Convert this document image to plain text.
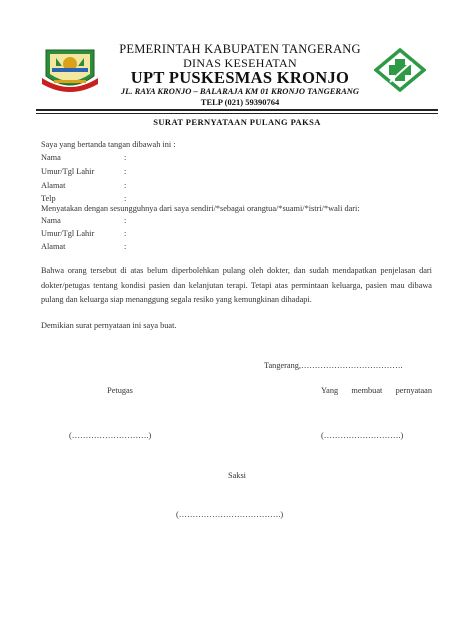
PEMERINTAH KABUPATEN TANGERANG
DINAS KESEHATAN
UPT PUSKESMAS KRONJO
JL. RAYA KRONJO – BALARAJA KM 01 KRONJO TANGERANG
TELP (021) 59390764
SURAT PERNYATAAN PULANG PAKSA
Saya yang bertanda tangan dibawah ini :
Nama	:
Umur/Tgl Lahir	:
Alamat	:
Telp	:
Menyatakan dengan sesungguhnya dari saya sendiri/*sebagai orangtua/*suami/*istri/*wali dari:
Nama	:
Umur/Tgl Lahir	:
Alamat	:
Bahwa orang tersebut di atas belum diperbolehkan pulang oleh dokter, dan sudah mendapatkan penjelasan dari dokter/petugas tentang kondisi pasien dan kelanjutan terapi. Tetapi atas permintaan keluarga, pasien mau dibawa pulang dan keluarga siap menanggung segala resiko yang kemungkinan dihadapi.
Demikian surat pernyataan ini saya buat.
Tangerang,……………………………….
Petugas	Yang membuat pernyataan
(……………………….)	(……………………….)
Saksi
(……………………………….)
